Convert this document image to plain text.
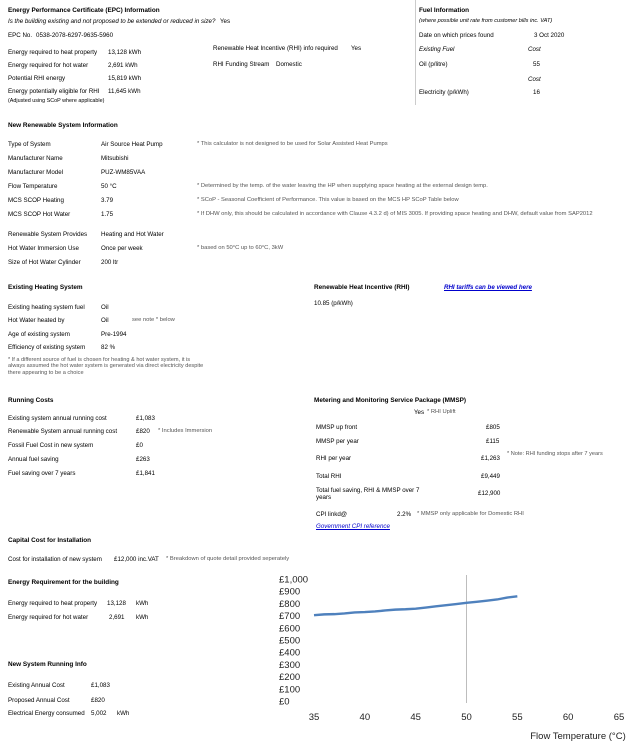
Energy Performance Certificate (EPC) Information
Is the building existing and not proposed to be extended or reduced in size? Yes
EPC No. 0538-2078-6297-9635-5960
Energy required to heat property 13,128 kWh
Energy required for hot water	2,691 kWh
Potential RHI energy	15,819 kWh
Energy potentially eligible for RHI 11,645 kWh
(Adjusted using SCoP where applicable)
Renewable Heat Incentive (RHI) info required Yes
RHI Funding Stream Domestic
Fuel Information
(where possible unit rate from customer bills inc. VAT)
Date on which prices found	3 Oct 2020
Existing Fuel	Cost
Oil (p/litre)	55
Cost
Electricity (p/kWh)	16
New Renewable System Information
Type of System	Air Source Heat Pump	* This calculator is not designed to be used for Solar Assisted Heat Pumps
Manufacturer Name	Mitsubishi
Manufacturer Model	PUZ-WM85VAA
Flow Temperature	50 °C	* Determined by the temp. of the water leaving the HP when supplying space heating at the external design temp.
MCS SCOP Heating	3.79	* SCoP - Seasonal Coefficient of Performance. This value is based on the MCS HP SCoP Table below
MCS SCOP Hot Water	1.75	* If DHW only, this should be calculated in accordance with Clause 4.3.2 d) of MIS 3005. If providing space heating and DHW, default value from SAP2012
Renewable System Provides Heating and Hot Water
Hot Water Immersion Use	Once per week	* based on 50°C up to 60°C, 3kW
Size of Hot Water Cylinder	200 ltr
Existing Heating System
Existing heating system fuel	Oil
Hot Water heated by	Oil	see note * below
Age of existing system	Pre-1994
Efficiency of existing system	82 %
* If a different source of fuel is chosen for heating & hot water system, it is always assumed the hot water system is generated via direct electricity despite there appearing to be a choice
Renewable Heat Incentive (RHI)	RHI tariffs can be viewed here
10.85 (p/kWh)
Running Costs
Existing system annual running cost	£1,083
Renewable System annual running cost	£820 * Includes Immersion
Fossil Fuel Cost in new system	£0
Annual fuel saving	£263
Fuel saving over 7 years	£1,841
Metering and Monitoring Service Package (MMSP)
Yes * RHI Uplift
MMSP up front	£805
MMSP per year	£115
RHI per year	£1,263
* Note: RHI funding stops after 7 years
Total RHI	£9,449
Total fuel saving, RHI & MMSP over 7 years
£12,900
CPI linkd@	2.2% * MMSP only applicable for Domestic RHI
Government CPI reference
Capital Cost for Installation
Cost for installation of new system £12,000 inc.VAT * Breakdown of quote detail provided seperately
Energy Requirement for the building
Energy required to heat property 13,128 kWh
Energy required for hot water	2,691 kWh
New System Running Info
Existing Annual Cost	£1,083
Proposed Annual Cost	£820
Electrical Energy consumed 5,002 kWh
£0
£100
£200
£300
£400
£500
£600
£700
£800
£900
£1,000
35	40	45	50	55	60	65
Flow Temperature (°C)
